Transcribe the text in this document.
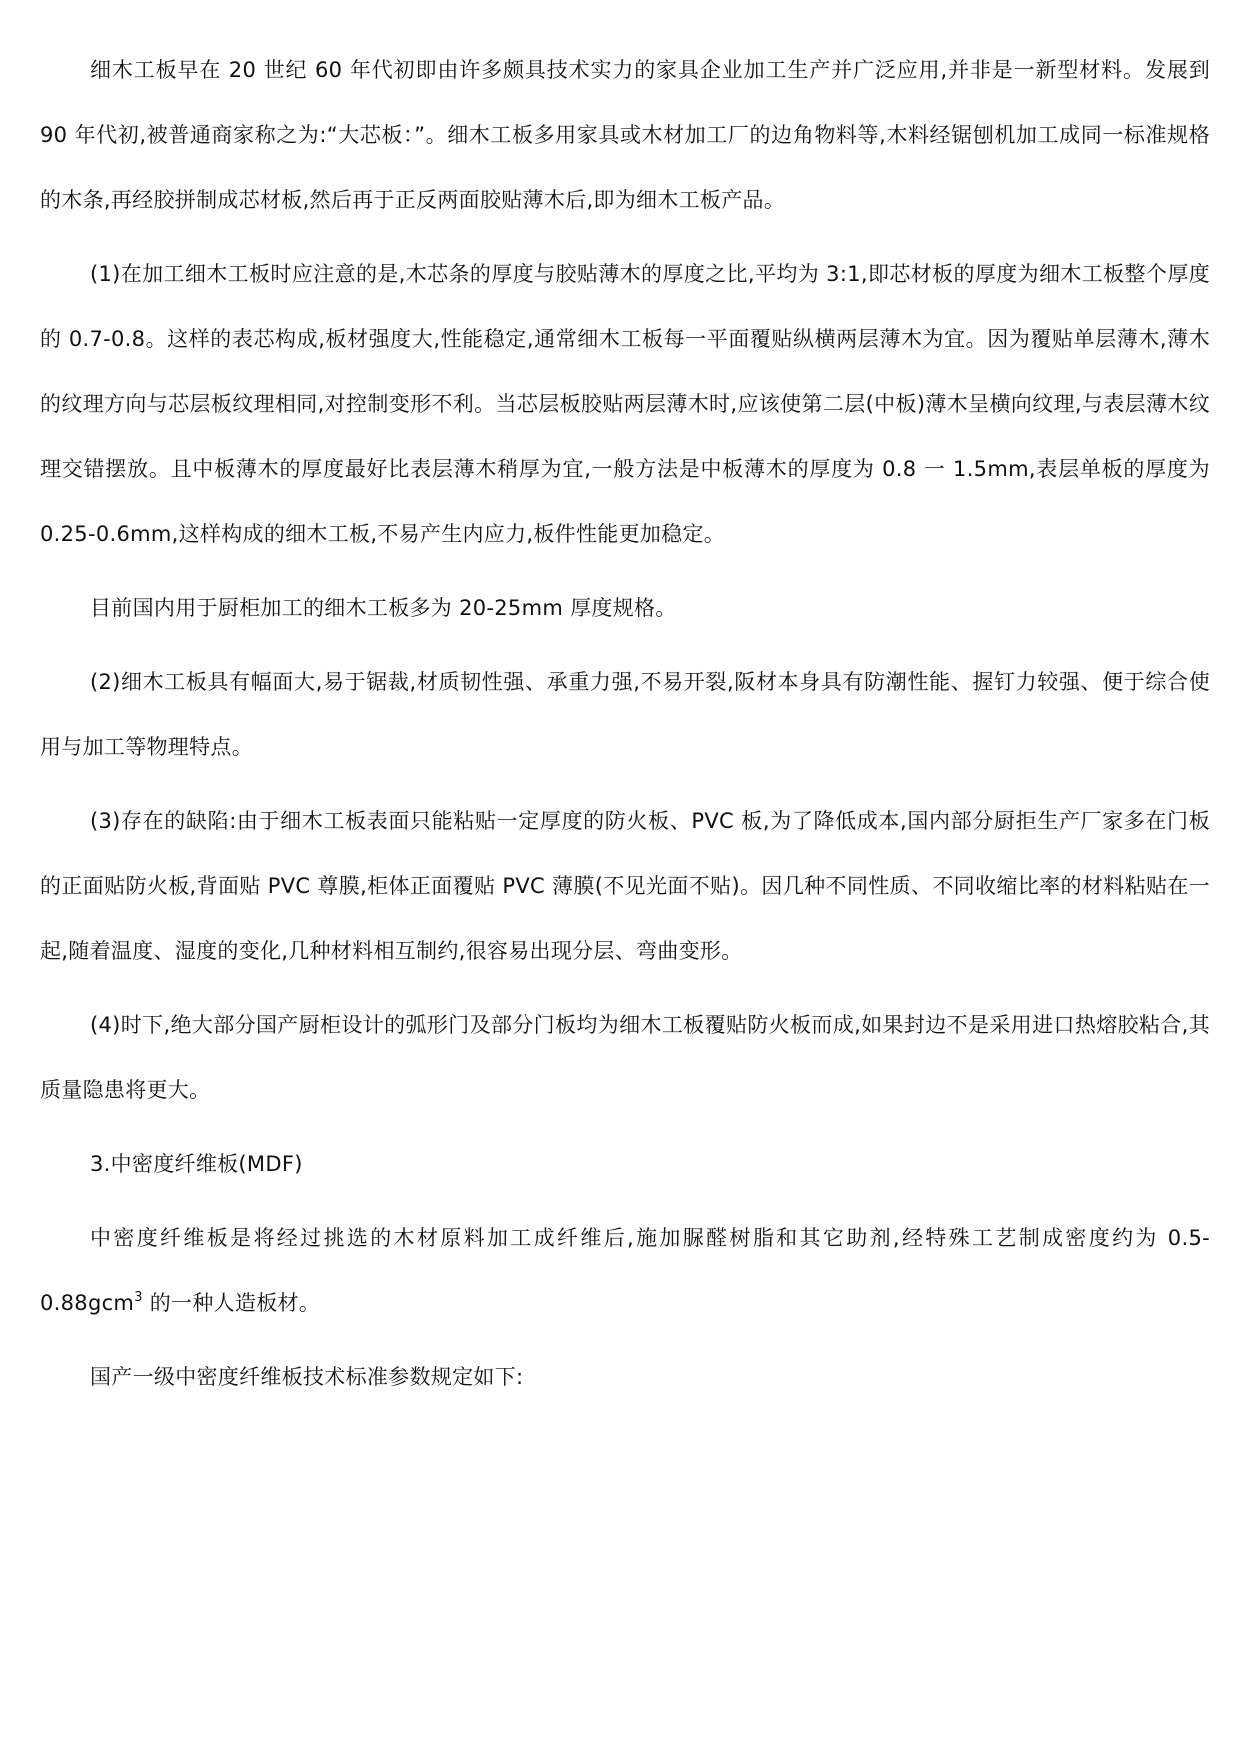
细木工板早在 20 世纪 60 年代初即由许多颇具技术实力的家具企业加工生产并广泛应用,并非是一新型材料。发展到 90 年代初,被普通商家称之为:“大芯板：”。细木工板多用家具或木材加工厂的边角物料等,木料经锯刨机加工成同一标准规格的木条,再经胶拼制成芯材板,然后再于正反两面胶贴薄木后,即为细木工板产品。

(1)在加工细木工板时应注意的是,木芯条的厚度与胶贴薄木的厚度之比,平均为 3:1,即芯材板的厚度为细木工板整个厚度的 0.7-0.8。这样的表芯构成,板材强度大,性能稳定,通常细木工板每一平面覆贴纵横两层薄木为宜。因为覆贴单层薄木,薄木的纹理方向与芯层板纹理相同,对控制变形不利。当芯层板胶贴两层薄木时,应该使第二层(中板)薄木呈横向纹理,与表层薄木纹理交错摆放。且中板薄木的厚度最好比表层薄木稍厚为宜,一般方法是中板薄木的厚度为 0.8 一 1.5mm,表层单板的厚度为 0.25-0.6mm,这样构成的细木工板,不易产生内应力,板件性能更加稳定。

目前国内用于厨柜加工的细木工板多为 20-25mm 厚度规格。

(2)细木工板具有幅面大,易于锯裁,材质韧性强、承重力强,不易开裂,阪材本身具有防潮性能、握钉力较强、便于综合使用与加工等物理特点。

(3)存在的缺陷:由于细木工板表面只能粘贴一定厚度的防火板、PVC 板,为了降低成本,国内部分厨拒生产厂家多在门板的正面贴防火板,背面贴 PVC 尊膜,柜体正面覆贴 PVC 薄膜(不见光面不贴)。因几种不同性质、不同收缩比率的材料粘贴在一起,随着温度、湿度的变化,几种材料相互制约,很容易出现分层、弯曲变形。

(4)时下,绝大部分国产厨柜设计的弧形门及部分门板均为细木工板覆贴防火板而成,如果封边不是采用进口热熔胶粘合,其质量隐患将更大。

3.中密度纤维板(MDF)

中密度纤维板是将经过挑选的木材原料加工成纤维后,施加脲醛树脂和其它助剂,经特殊工艺制成密度约为 0.5-0.88gcm$^3$ 的一种人造板材。

国产一级中密度纤维板技术标准参数规定如下:
